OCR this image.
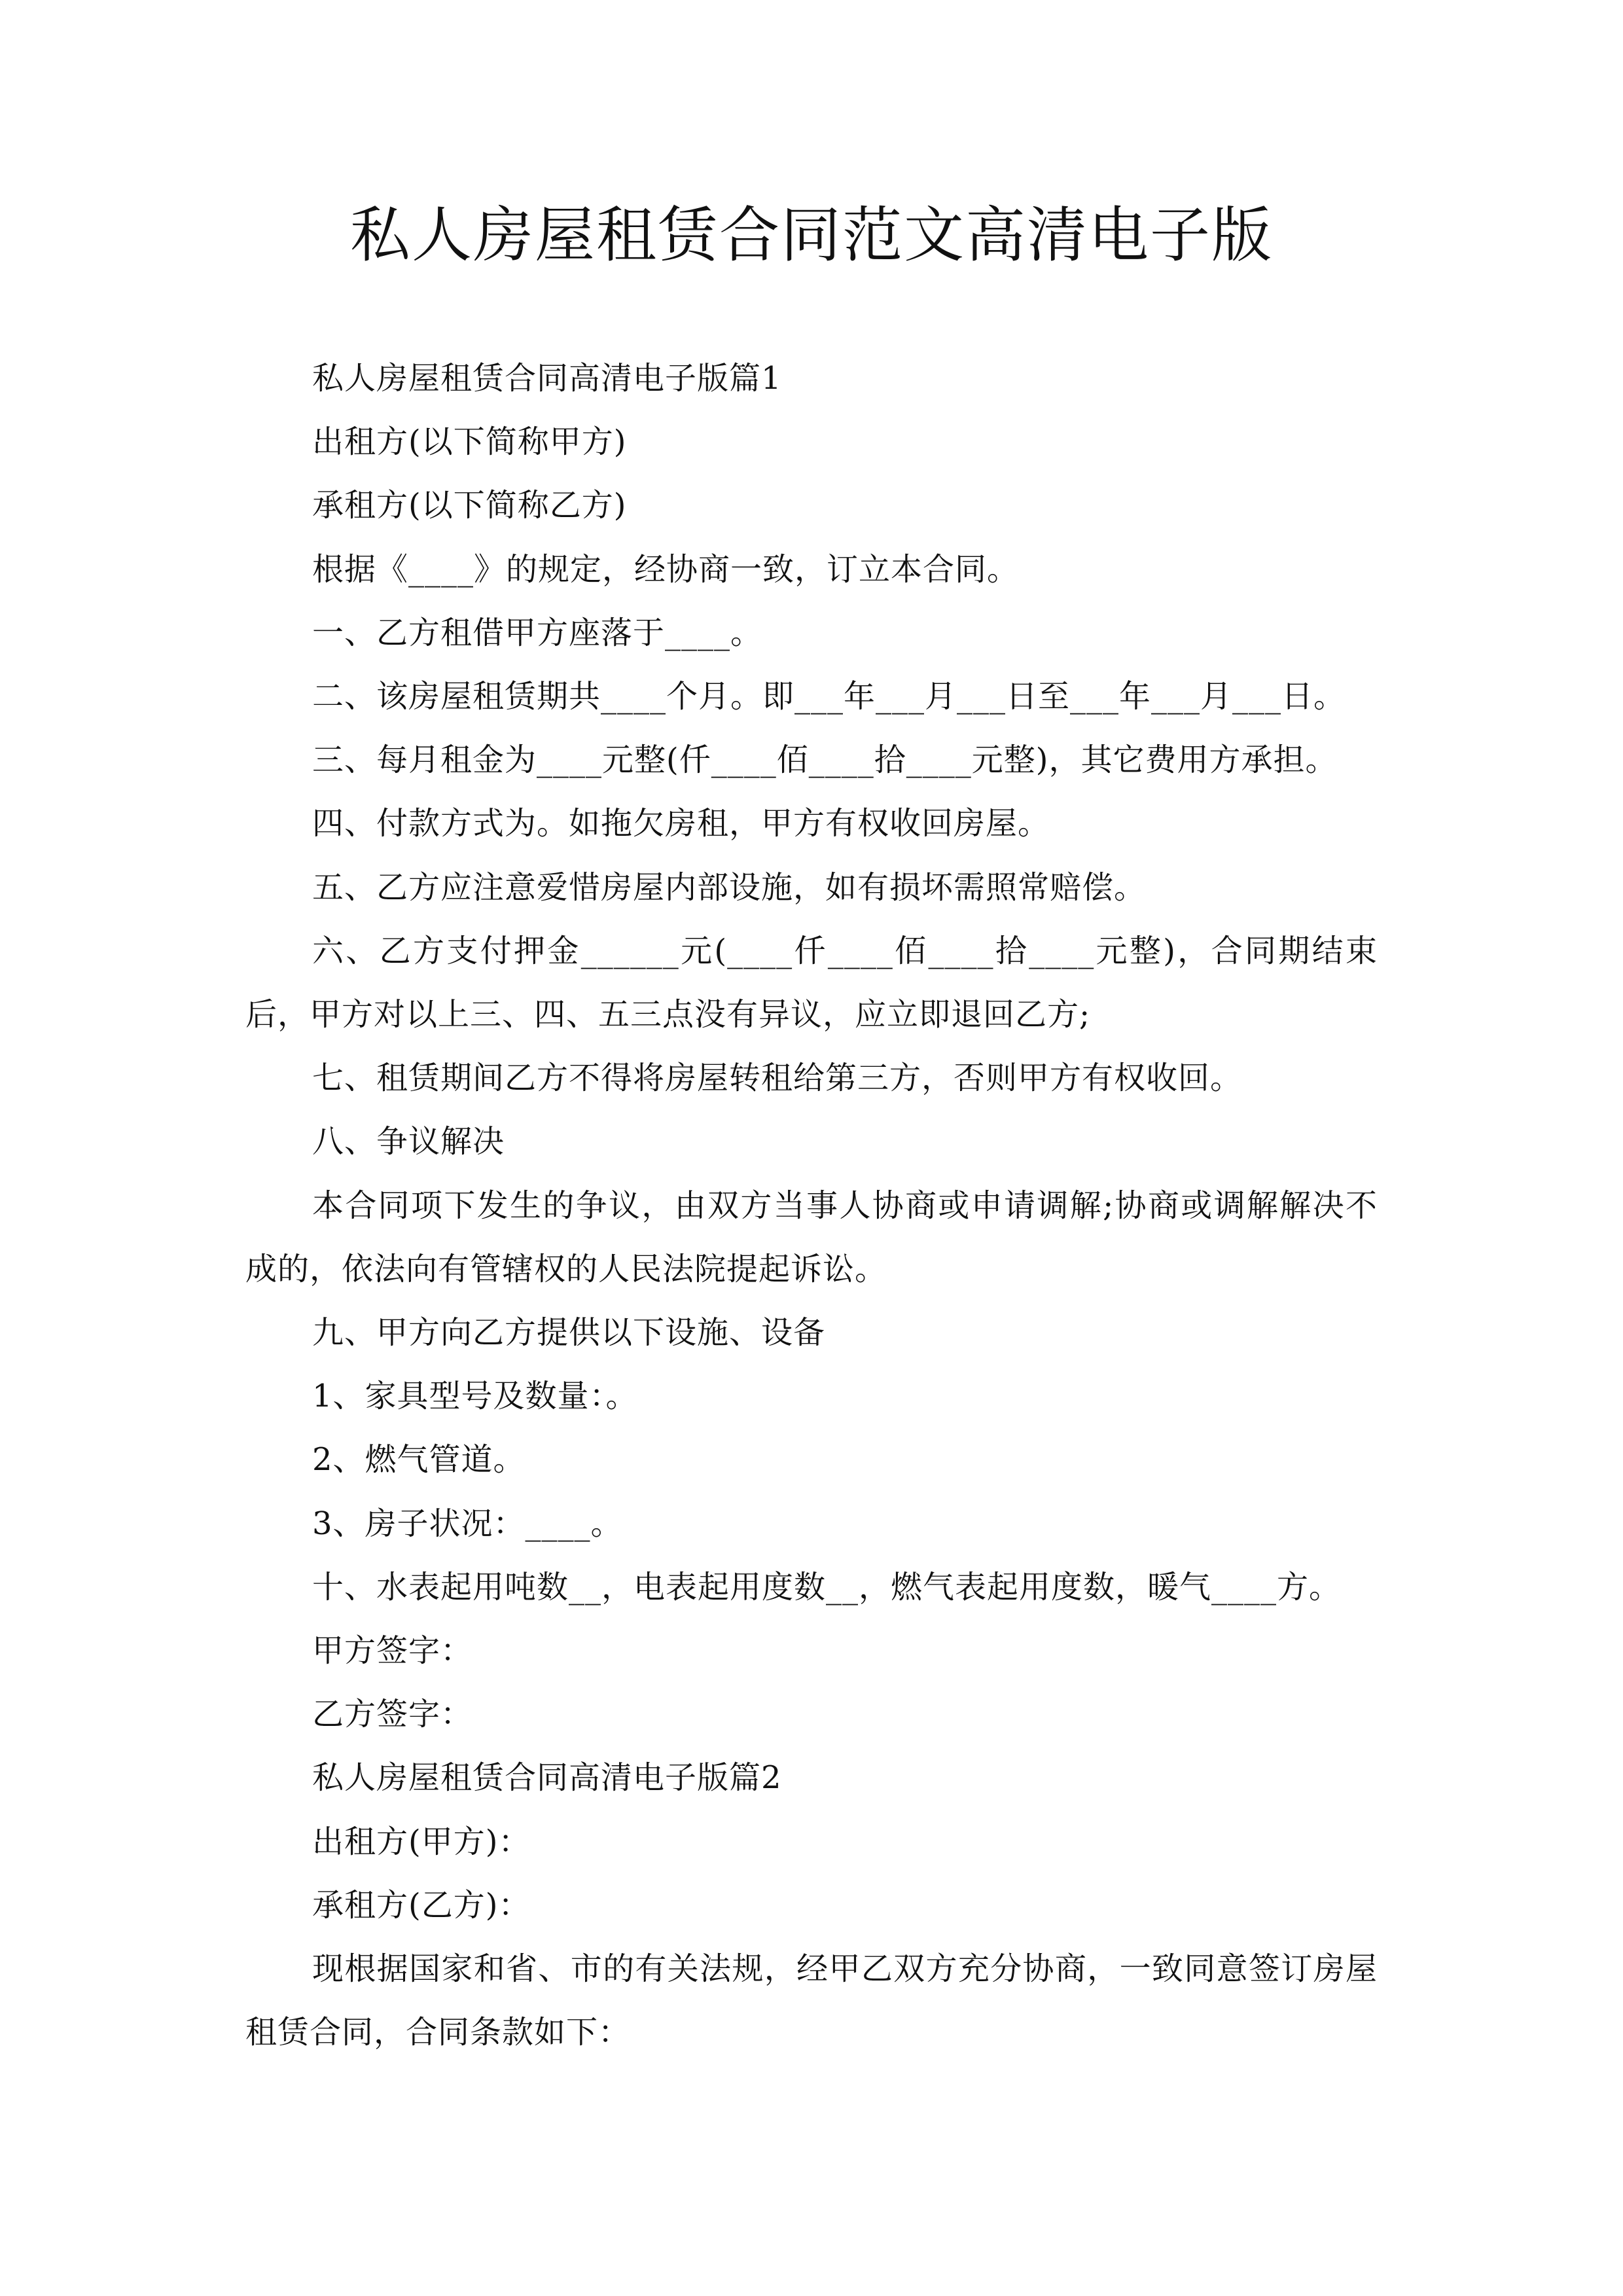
私人房屋租赁合同范文高清电子版

私人房屋租赁合同高清电子版篇1

出租方(以下简称甲方)

承租方(以下简称乙方)

根据《____》的规定，经协商一致，订立本合同。

一、乙方租借甲方座落于____。

二、该房屋租赁期共____个月。即___年___月___日至___年___月___日。

三、每月租金为____元整(仟____佰____拾____元整)，其它费用方承担。

四、付款方式为。如拖欠房租，甲方有权收回房屋。

五、乙方应注意爱惜房屋内部设施，如有损坏需照常赔偿。

六、乙方支付押金______元(____仟____佰____拾____元整)，合同期结束后，甲方对以上三、四、五三点没有异议，应立即退回乙方;

七、租赁期间乙方不得将房屋转租给第三方，否则甲方有权收回。

八、争议解决

本合同项下发生的争议，由双方当事人协商或申请调解;协商或调解解决不成的，依法向有管辖权的人民法院提起诉讼。

九、甲方向乙方提供以下设施、设备

1、家具型号及数量：。

2、燃气管道。

3、房子状况：____。

十、水表起用吨数__，电表起用度数__，燃气表起用度数，暖气____方。

甲方签字：

乙方签字：

私人房屋租赁合同高清电子版篇2

出租方(甲方)：

承租方(乙方)：

现根据国家和省、市的有关法规，经甲乙双方充分协商，一致同意签订房屋租赁合同，合同条款如下：
